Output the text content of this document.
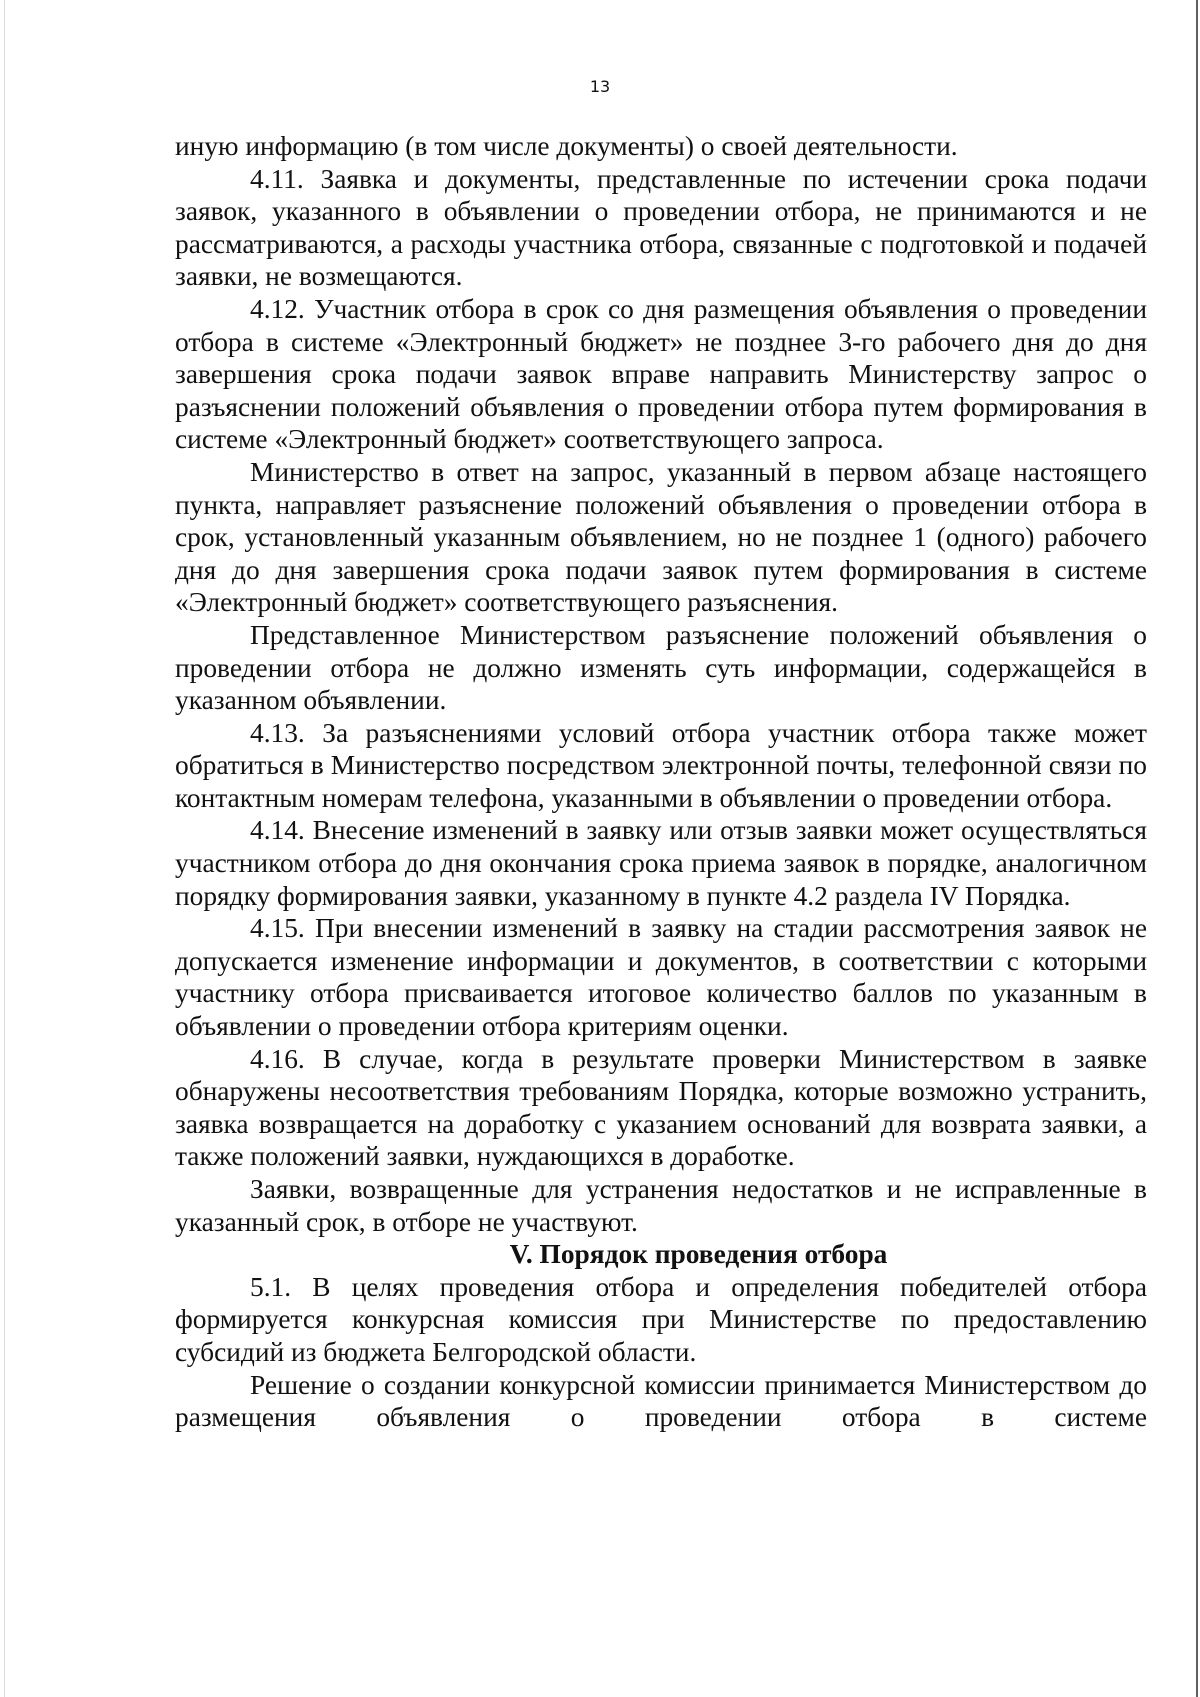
13

иную информацию (в том числе документы) о своей деятельности.

4.11. Заявка и документы, представленные по истечении срока подачи заявок, указанного в объявлении о проведении отбора, не принимаются и не рассматриваются, а расходы участника отбора, связанные с подготовкой и подачей заявки, не возмещаются.

4.12. Участник отбора в срок со дня размещения объявления о проведении отбора в системе «Электронный бюджет» не позднее 3-го рабочего дня до дня завершения срока подачи заявок вправе направить Министерству запрос о разъяснении положений объявления о проведении отбора путем формирования в системе «Электронный бюджет» соответствующего запроса.

Министерство в ответ на запрос, указанный в первом абзаце настоящего пункта, направляет разъяснение положений объявления о проведении отбора в срок, установленный указанным объявлением, но не позднее 1 (одного) рабочего дня до дня завершения срока подачи заявок путем формирования в системе «Электронный бюджет» соответствующего разъяснения.

Представленное Министерством разъяснение положений объявления о проведении отбора не должно изменять суть информации, содержащейся в указанном объявлении.

4.13. За разъяснениями условий отбора участник отбора также может обратиться в Министерство посредством электронной почты, телефонной связи по контактным номерам телефона, указанными в объявлении о проведении отбора.

4.14. Внесение изменений в заявку или отзыв заявки может осуществляться участником отбора до дня окончания срока приема заявок в порядке, аналогичном порядку формирования заявки, указанному в пункте 4.2 раздела IV Порядка.

4.15. При внесении изменений в заявку на стадии рассмотрения заявок не допускается изменение информации и документов, в соответствии с которыми участнику отбора присваивается итоговое количество баллов по указанным в объявлении о проведении отбора критериям оценки.

4.16. В случае, когда в результате проверки Министерством в заявке обнаружены несоответствия требованиям Порядка, которые возможно устранить, заявка возвращается на доработку с указанием оснований для возврата заявки, а также положений заявки, нуждающихся в доработке.

Заявки, возвращенные для устранения недостатков и не исправленные в указанный срок, в отборе не участвуют.

V. Порядок проведения отбора

5.1. В целях проведения отбора и определения победителей отбора формируется конкурсная комиссия при Министерстве по предоставлению субсидий из бюджета Белгородской области.

Решение о создании конкурсной комиссии принимается Министерством до размещения объявления о проведении отбора в системе
